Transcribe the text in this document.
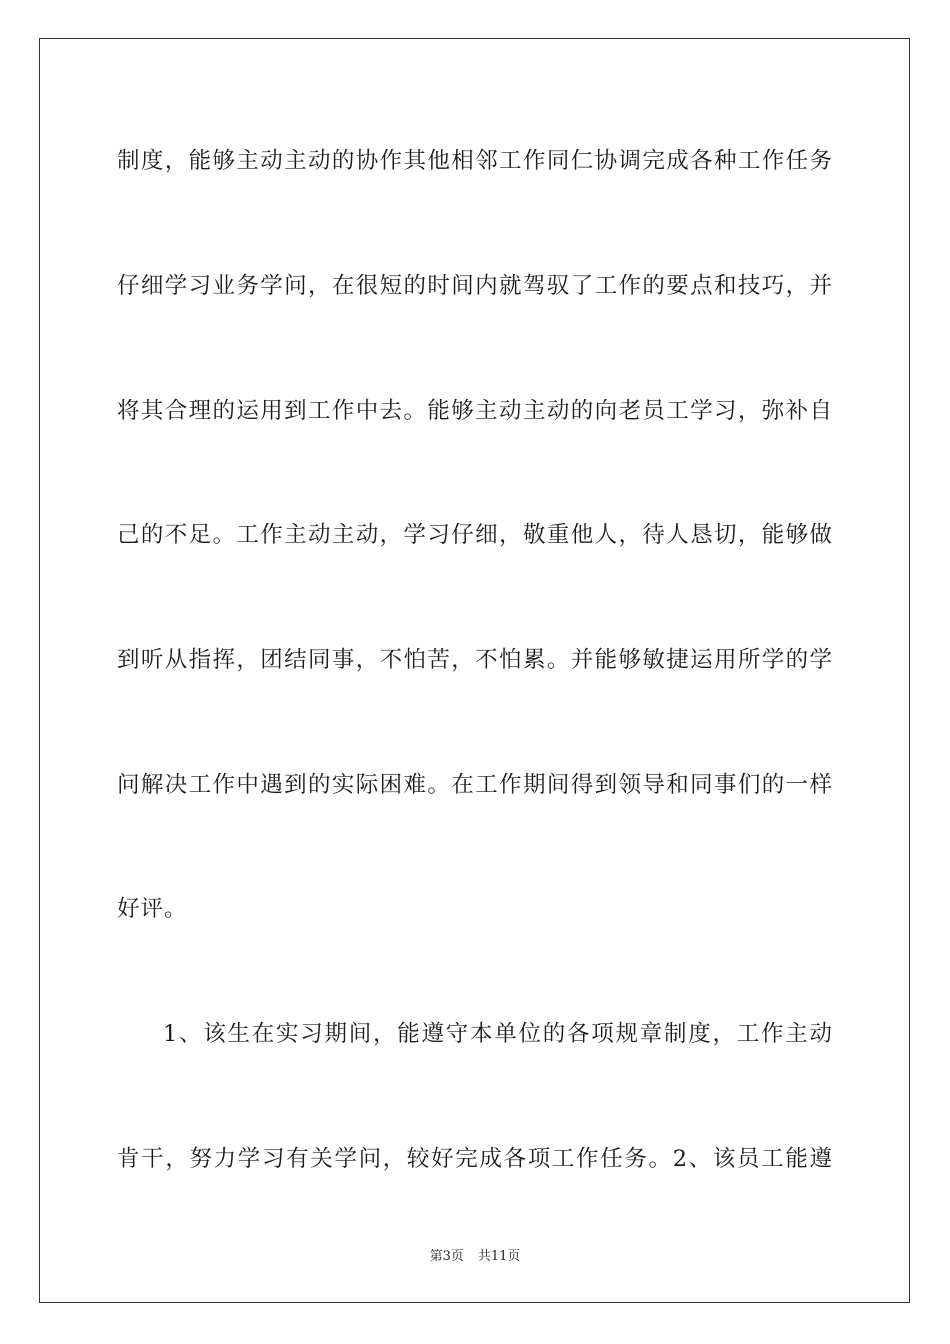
制度，能够主动主动的协作其他相邻工作同仁协调完成各种工作任务
仔细学习业务学问，在很短的时间内就驾驭了工作的要点和技巧，并
将其合理的运用到工作中去。能够主动主动的向老员工学习，弥补自
己的不足。工作主动主动，学习仔细，敬重他人，待人恳切，能够做
到听从指挥，团结同事，不怕苦，不怕累。并能够敏捷运用所学的学
问解决工作中遇到的实际困难。在工作期间得到领导和同事们的一样
好评。
1、该生在实习期间，能遵守本单位的各项规章制度，工作主动
肯干，努力学习有关学问，较好完成各项工作任务。2、该员工能遵
第3页 共11页
